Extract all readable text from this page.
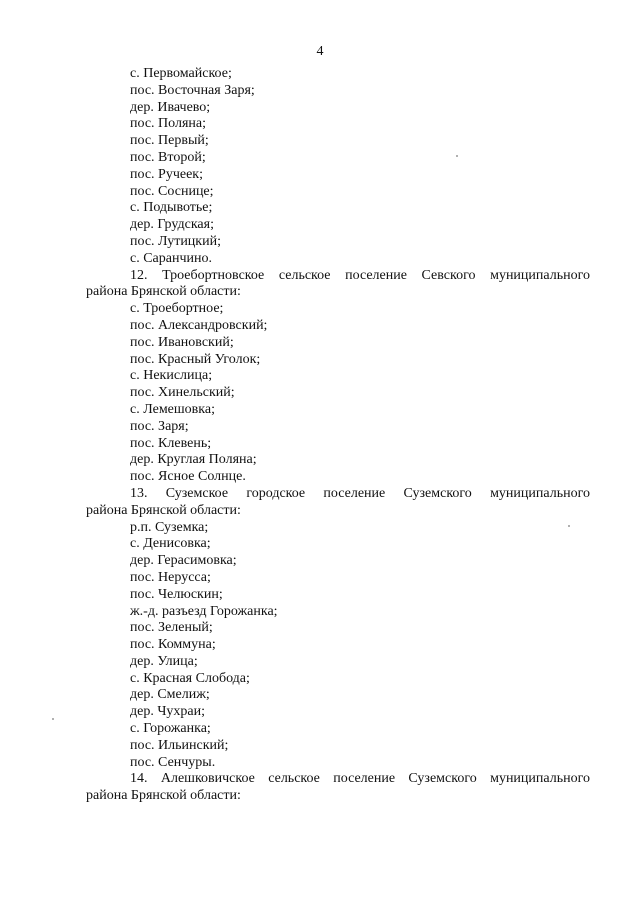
4
с. Первомайское;
пос. Восточная Заря;
дер. Ивачево;
пос. Поляна;
пос. Первый;
пос. Второй;
пос. Ручеек;
пос. Соснице;
с. Подывотье;
дер. Грудская;
пос. Лутицкий;
с. Саранчино.
12. Троебортновское сельское поселение Севского муниципального
района Брянской области:
с. Троебортное;
пос. Александровский;
пос. Ивановский;
пос. Красный Уголок;
с. Некислица;
пос. Хинельский;
с. Лемешовка;
пос. Заря;
пос. Клевень;
дер. Круглая Поляна;
пос. Ясное Солнце.
13. Суземское городское поселение Суземского муниципального
района Брянской области:
р.п. Суземка;
с. Денисовка;
дер. Герасимовка;
пос. Нерусса;
пос. Челюскин;
ж.-д. разъезд Горожанка;
пос. Зеленый;
пос. Коммуна;
дер. Улица;
с. Красная Слобода;
дер. Смелиж;
дер. Чухраи;
с. Горожанка;
пос. Ильинский;
пос. Сенчуры.
14. Алешковичское сельское поселение Суземского муниципального
района Брянской области:
